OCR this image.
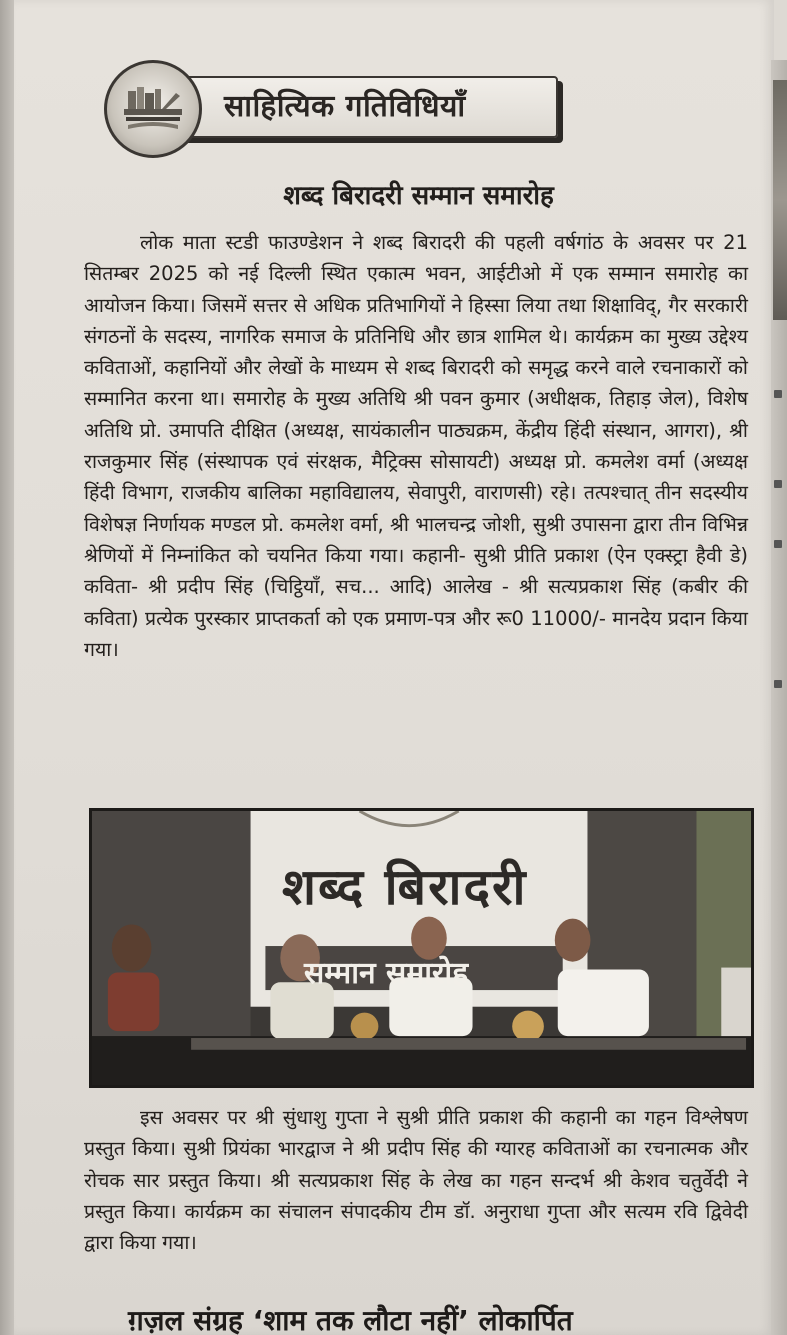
साहित्यिक गतिविधियाँ
शब्द बिरादरी सम्मान समारोह

लोक माता स्टडी फाउण्डेशन ने शब्द बिरादरी की पहली वर्षगांठ के अवसर पर 21 सितम्बर 2025 को नई दिल्ली स्थित एकात्म भवन, आईटीओ में एक सम्मान समारोह का आयोजन किया। जिसमें सत्तर से अधिक प्रतिभागियों ने हिस्सा लिया तथा शिक्षाविद्, गैर सरकारी संगठनों के सदस्य, नागरिक समाज के प्रतिनिधि और छात्र शामिल थे। कार्यक्रम का मुख्य उद्देश्य कविताओं, कहानियों और लेखों के माध्यम से शब्द बिरादरी को समृद्ध करने वाले रचनाकारों को सम्मानित करना था। समारोह के मुख्य अतिथि श्री पवन कुमार (अधीक्षक, तिहाड़ जेल), विशेष अतिथि प्रो. उमापति दीक्षित (अध्यक्ष, सायंकालीन पाठ्यक्रम, केंद्रीय हिंदी संस्थान, आगरा), श्री राजकुमार सिंह (संस्थापक एवं संरक्षक, मैट्रिक्स सोसायटी) अध्यक्ष प्रो. कमलेश वर्मा (अध्यक्ष हिंदी विभाग, राजकीय बालिका महाविद्यालय, सेवापुरी, वाराणसी) रहे। तत्पश्चात् तीन सदस्यीय विशेषज्ञ निर्णायक मण्डल प्रो. कमलेश वर्मा, श्री भालचन्द्र जोशी, सुश्री उपासना द्वारा तीन विभिन्न श्रेणियों में निम्नांकित को चयनित किया गया। कहानी- सुश्री प्रीति प्रकाश (ऐन एक्स्ट्रा हैवी डे) कविता- श्री प्रदीप सिंह (चिट्ठियाँ, सच... आदि) आलेख - श्री सत्यप्रकाश सिंह (कबीर की कविता) प्रत्येक पुरस्कार प्राप्तकर्ता को एक प्रमाण-पत्र और रू0 11000/- मानदेय प्रदान किया गया।

शब्द बिरादरी
सम्मान समारोह

इस अवसर पर श्री सुंधाशु गुप्ता ने सुश्री प्रीति प्रकाश की कहानी का गहन विश्लेषण प्रस्तुत किया। सुश्री प्रियंका भारद्वाज ने श्री प्रदीप सिंह की ग्यारह कविताओं का रचनात्मक और रोचक सार प्रस्तुत किया। श्री सत्यप्रकाश सिंह के लेख का गहन सन्दर्भ श्री केशव चतुर्वेदी ने प्रस्तुत किया। कार्यक्रम का संचालन संपादकीय टीम डॉ. अनुराधा गुप्ता और सत्यम रवि द्विवेदी द्वारा किया गया।

ग़ज़ल संग्रह ‘शाम तक लौटा नहीं’ लोकार्पित
